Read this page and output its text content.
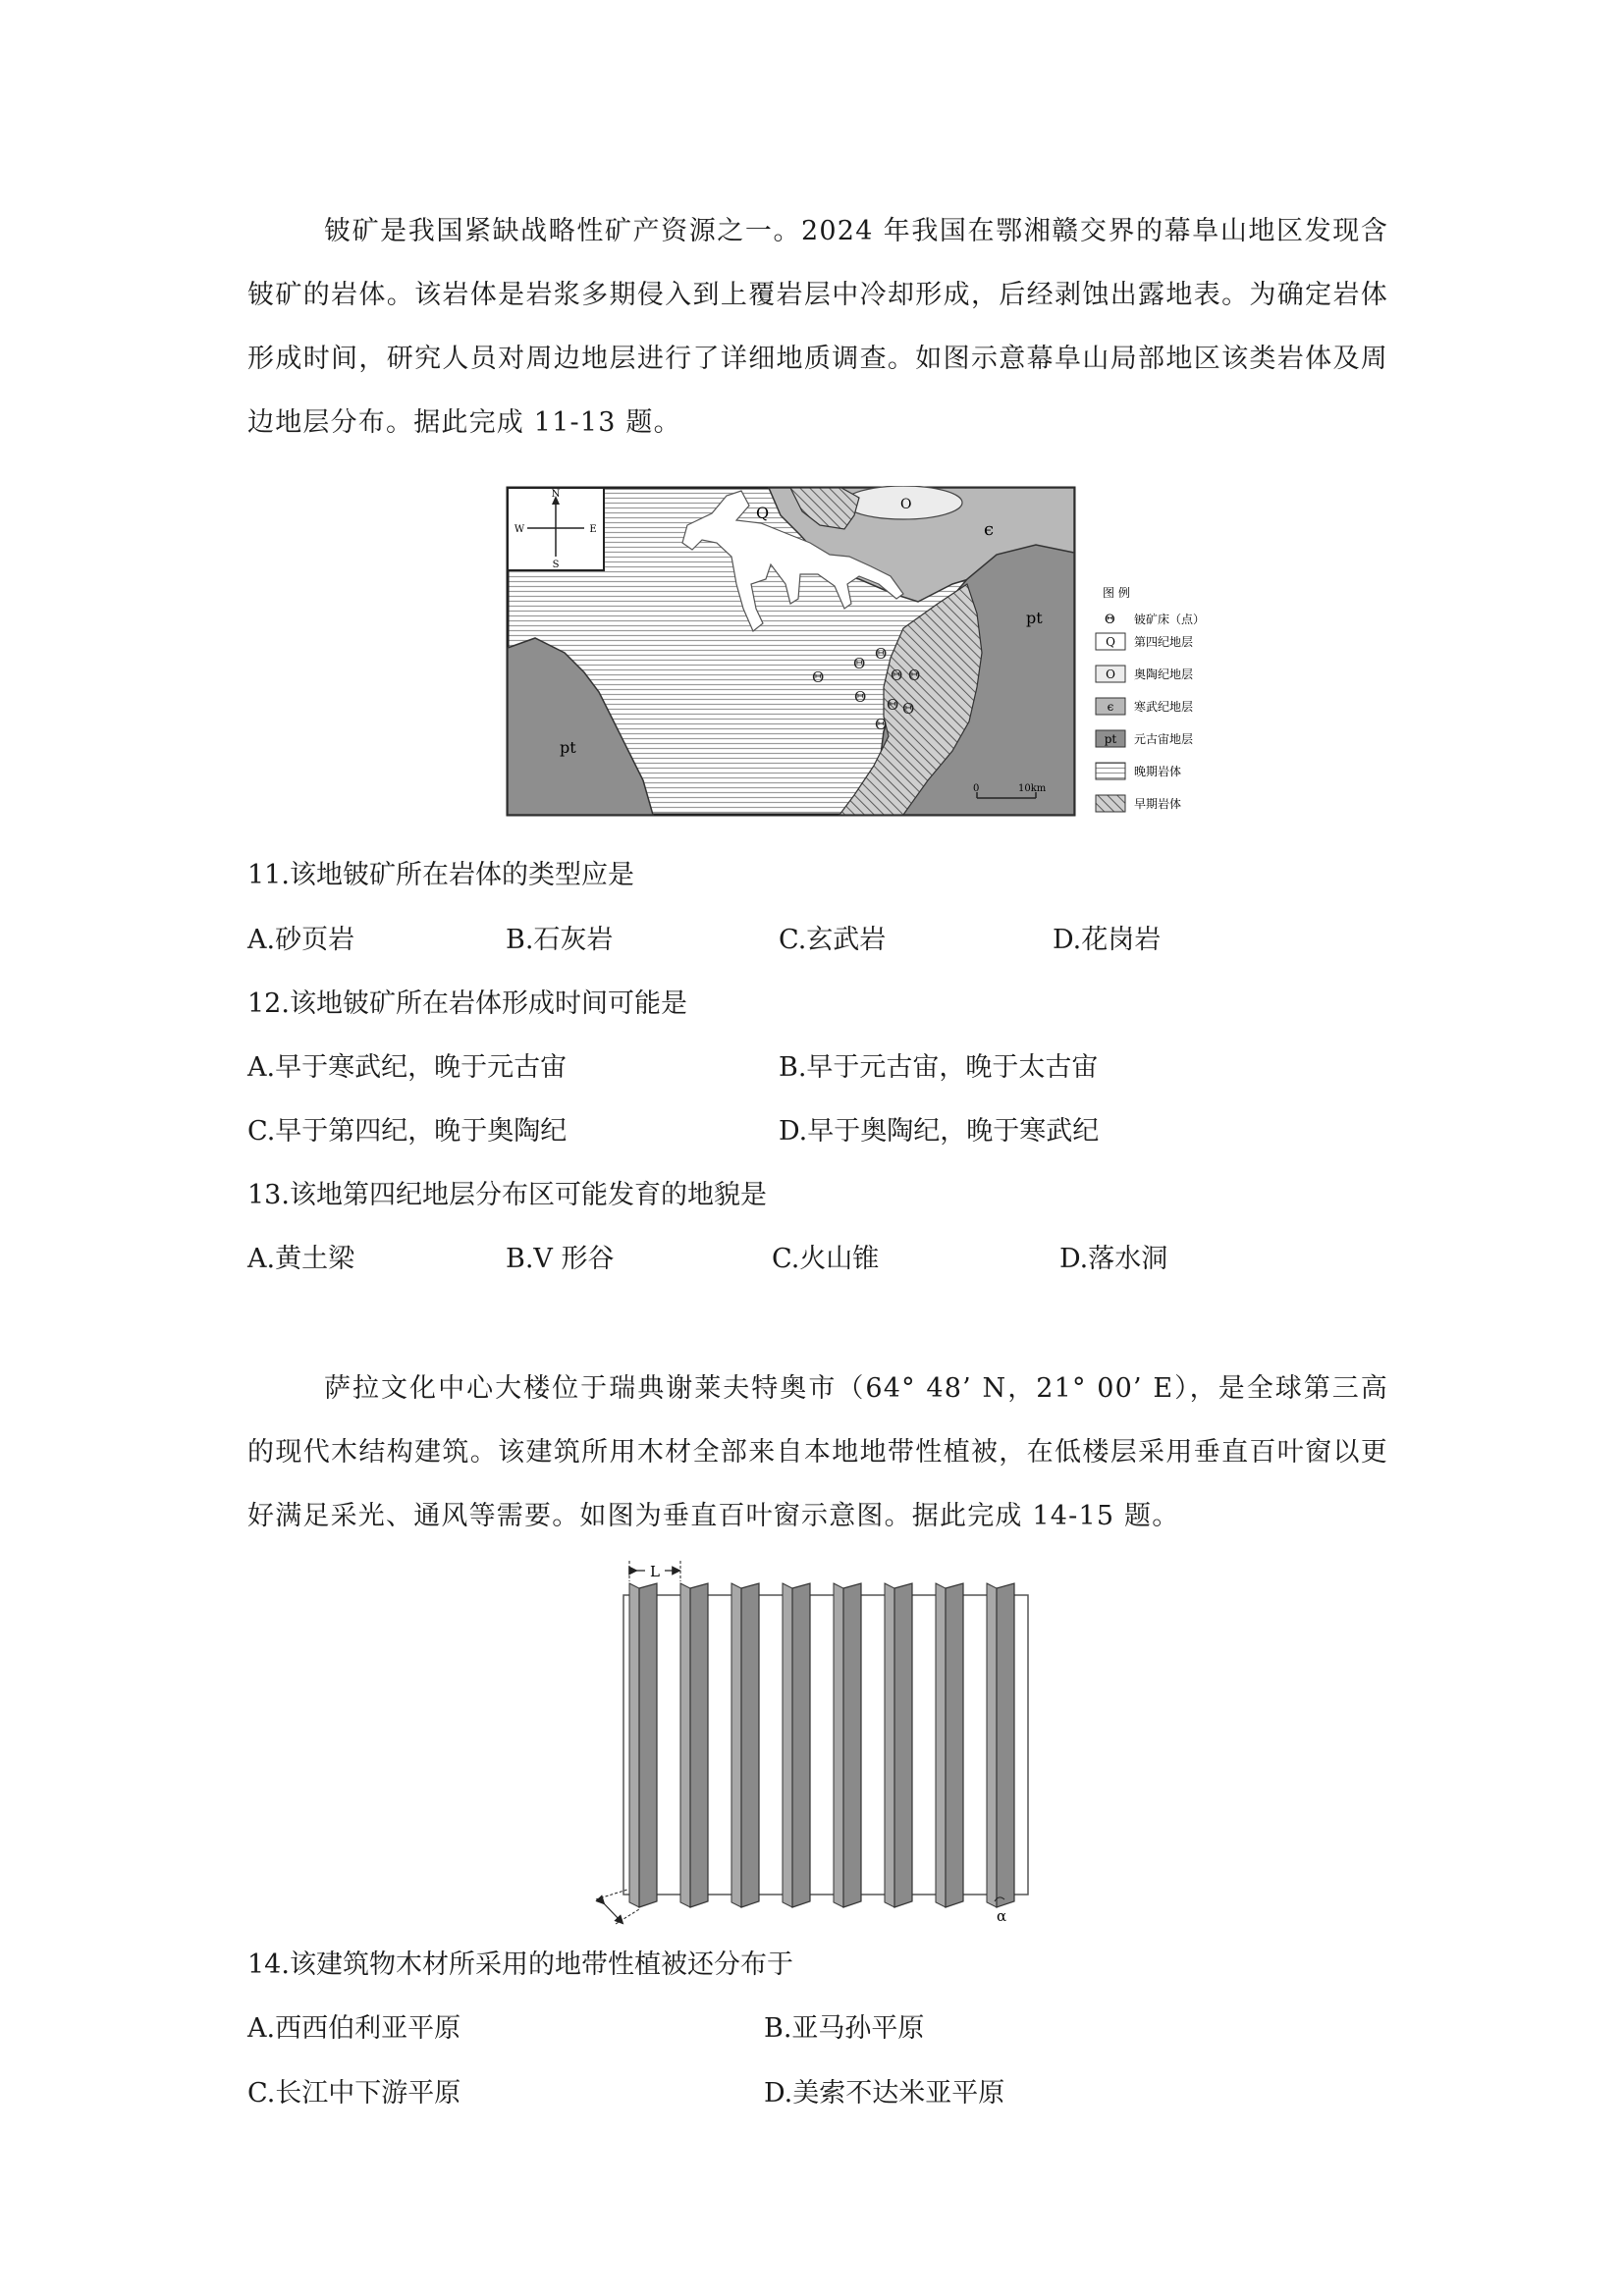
铍矿是我国紧缺战略性矿产资源之一。2024 年我国在鄂湘赣交界的幕阜山地区发现含铍矿的岩体。该岩体是岩浆多期侵入到上覆岩层中冷却形成，后经剥蚀出露地表。为确定岩体形成时间，研究人员对周边地层进行了详细地质调查。如图示意幕阜山局部地区该类岩体及周边地层分布。据此完成 11-13 题。

N
S
W	E
Q	O
є
pt
pt
Θ
Θ
Θ
Θ Θ
Θ Θ Θ
Θ
0	10km
图 例
Θ 铍矿床（点）
Q 第四纪地层
O 奥陶纪地层
є 寒武纪地层
pt 元古宙地层
晚期岩体
早期岩体
11.该地铍矿所在岩体的类型应是
A.砂页岩	B.石灰岩	C.玄武岩	D.花岗岩
12.该地铍矿所在岩体形成时间可能是
A.早于寒武纪，晚于元古宙	B.早于元古宙，晚于太古宙
C.早于第四纪，晚于奥陶纪	D.早于奥陶纪，晚于寒武纪
13.该地第四纪地层分布区可能发育的地貌是
A.黄土梁	B.V 形谷	C.火山锥	D.落水洞

萨拉文化中心大楼位于瑞典谢莱夫特奥市（64° 48’ N，21° 00’ E），是全球第三高的现代木结构建筑。该建筑所用木材全部来自本地地带性植被，在低楼层采用垂直百叶窗以更好满足采光、通风等需要。如图为垂直百叶窗示意图。据此完成 14-15 题。

L
α
14.该建筑物木材所采用的地带性植被还分布于
A.西西伯利亚平原	B.亚马孙平原
C.长江中下游平原	D.美索不达米亚平原
